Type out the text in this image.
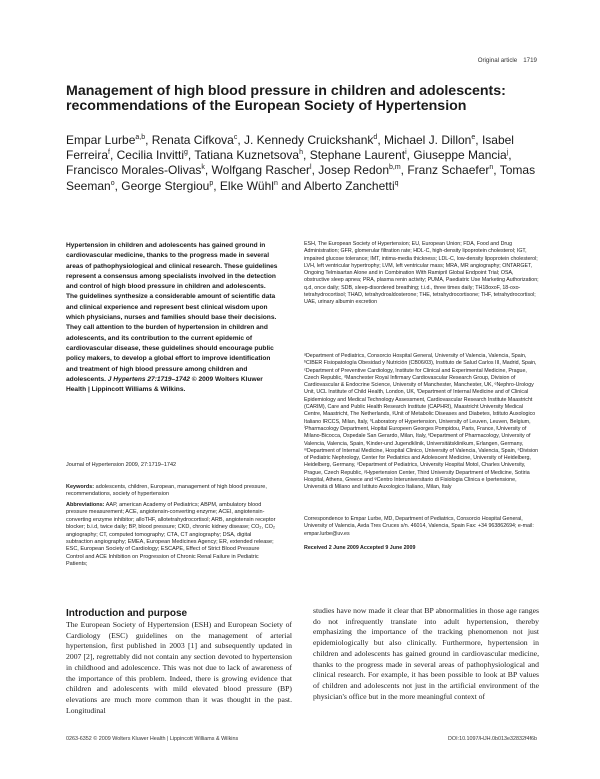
Original article 1719
Management of high blood pressure in children and adolescents: recommendations of the European Society of Hypertension

Empar Lurbe$^{a,b}$, Renata Cifkova$^c$, J. Kennedy Cruickshank$^d$, Michael J. Dillon$^e$, Isabel Ferreira$^f$, Cecilia Invitti$^g$, Tatiana Kuznetsova$^h$, Stephane Laurent$^i$, Giuseppe Mancia$^j$, Francisco Morales-Olivas$^k$, Wolfgang Rascher$^l$, Josep Redon$^{b,m}$, Franz Schaefer$^n$, Tomas Seeman$^o$, George Stergiou$^p$, Elke Wühl$^n$ and Alberto Zanchetti$^q$

Hypertension in children and adolescents has gained ground in cardiovascular medicine, thanks to the progress made in several areas of pathophysiological and clinical research. These guidelines represent a consensus among specialists involved in the detection and control of high blood pressure in children and adolescents. The guidelines synthesize a considerable amount of scientific data and clinical experience and represent best clinical wisdom upon which physicians, nurses and families should base their decisions. They call attention to the burden of hypertension in children and adolescents, and its contribution to the current epidemic of cardiovascular disease, these guidelines should encourage public policy makers, to develop a global effort to improve identification and treatment of high blood pressure among children and adolescents. J Hypertens 27:1719–1742 © 2009 Wolters Kluwer Health | Lippincott Williams & Wilkins.

Journal of Hypertension 2009, 27:1719–1742

Keywords: adolescents, children, European, management of high blood pressure, recommendations, society of hypertension

Abbreviations: AAP, american Academy of Pediatrics; ABPM, ambulatory blood pressure measurement; ACE, angiotensin-converting enzyme; ACEI, angiotensin-converting enzyme inhibitor; alloTHF, allotetrahydrocortisol; ARB, angiotensin receptor blocker; b.i.d, twice daily; BP, blood pressure; CKD, chronic kidney disease; CO₂, CO₂ angiography; CT, computed tomography; CTA, CT angiography; DSA, digital subtraction angiography; EMEA, European Medicines Agency; ER, extended release; ESC, European Society of Cardiology; ESCAPE, Effect of Strict Blood Pressure Control and ACE Inhibition on Progression of Chronic Renal Failure in Pediatric Patients;

ESH, The European Society of Hypertension; EU, European Union; FDA, Food and Drug Administration; GFR, glomerular filtration rate; HDL-C, high-density lipoprotein cholesterol; IGT, impaired glucose tolerance; IMT, intima-media thickness; LDL-C, low-density lipoprotein cholesterol; LVH, left ventricular hypertrophy; LVM, left ventricular mass; MRA, MR angiography; ONTARGET, Ongoing Telmisartan Alone and in Combination With Ramipril Global Endpoint Trial; OSA, obstructive sleep apnea; PRA, plasma renin activity; PUMA, Paediatric Use Marketing Authorization; q.d, once daily; SDB, sleep-disordered breathing; t.i.d., three times daily; TH18oxoF, 18-oxo-tetrahydrocortisol; THAD, tetrahydroaldosterone; THE, tetrahydrocortisone; THF, tetrahydrocortisol; UAE, urinary albumin excretion

ᵃDepartment of Pediatrics, Consorcio Hospital General, University of Valencia, Valencia, Spain, ᵇCIBER Fisiopatología Obesidad y Nutrición (CB06/03), Instituto de Salud Carlos III, Madrid, Spain, ᶜDepartment of Preventive Cardiology, Institute for Clinical and Experimental Medicine, Prague, Czech Republic, ᵈManchester Royal Infirmary Cardiovascular Research Group, Division of Cardiovascular & Endocrine Science, University of Manchester, Manchester, UK, ᵉNephro-Urology Unit, UCL Institute of Child Health, London, UK, ᶠDepartment of Internal Medicine and of Clinical Epidemiology and Medical Technology Assessment, Cardiovascular Research Institute Maastricht (CARIM), Care and Public Health Research Institute (CAPHRI), Maastricht University Medical Centre, Maastricht, The Netherlands, ᵍUnit of Metabolic Diseases and Diabetes, Istituto Auxologico Italiano IRCCS, Milan, Italy, ʰLaboratory of Hypertension, University of Leuven, Leuven, Belgium, ⁱPharmacology Department, Hopital Europeen Georges Pompidou, Paris, France, ʲUniversity of Milano-Bicocca, Ospedale San Gerardo, Milan, Italy, ᵏDepartment of Pharmacology, University of Valencia, Valencia, Spain, ˡKinder-und Jugendklinik, Universitätsklinikum, Erlangen, Germany, ᵐDepartment of Internal Medicine, Hospital Clinico, University of Valencia, Valencia, Spain, ⁿDivision of Pediatric Nephrology, Center for Pediatrics and Adolescent Medicine, University of Heidelberg, Heidelberg, Germany, ᵒDepartment of Pediatrics, University Hospital Motol, Charles University, Prague, Czech Republic, ᵖHypertension Center, Third University Department of Medicine, Sotiria Hospital, Athens, Greece and ᵠCentro Interuniversitario di Fisiologia Clinica e Ipertensione, Università di Milano and Istituto Auxologico Italiano, Milan, Italy

Correspondence to Empar Lurbe, MD, Department of Pediatrics, Consorcio Hospital General, University of Valencia, Avda Tres Cruces s/n. 46014, Valencia, Spain Fax: +34 963862694; e-mail: empar.lurbe@uv.es

Received 2 June 2009 Accepted 9 June 2009

Introduction and purpose

The European Society of Hypertension (ESH) and European Society of Cardiology (ESC) guidelines on the management of arterial hypertension, first published in 2003 [1] and subsequently updated in 2007 [2], regrettably did not contain any section devoted to hypertension in childhood and adolescence. This was not due to lack of awareness of the importance of this problem. Indeed, there is growing evidence that children and adolescents with mild elevated blood pressure (BP) elevations are much more common than it was thought in the past. Longitudinal

studies have now made it clear that BP abnormalities in those age ranges do not infrequently translate into adult hypertension, thereby emphasizing the importance of the tracking phenomenon not just epidemiologically but also clinically. Furthermore, hypertension in children and adolescents has gained ground in cardiovascular medicine, thanks to the progress made in several areas of pathophysiological and clinical research. For example, it has been possible to look at BP values of children and adolescents not just in the artificial environment of the physician's office but in the more meaningful context of

0263-6352 © 2009 Wolters Kluwer Health | Lippincott Williams & Wilkins	DOI:10.1097/HJH.0b013e32832f4f6b
